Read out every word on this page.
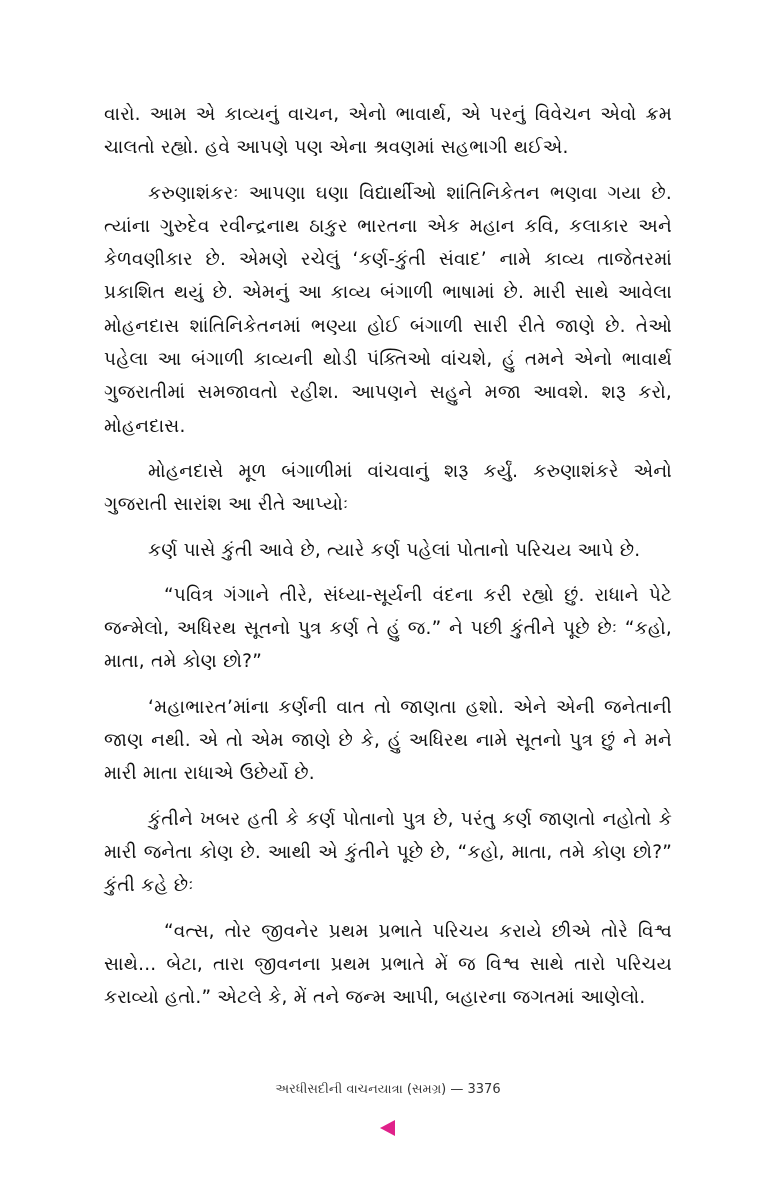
વારો. આમ એ કાવ્યનું વાચન, એનો ભાવાર્થ, એ પરનું વિવેચન એવો ક્રમ ચાલતો રહ્યો. હવે આપણે પણ એના શ્રવણમાં સહભાગી થઈએ.

કરુણાશંકરઃ આપણા ઘણા વિદ્યાર્થીઓ શાંતિનિકેતન ભણવા ગયા છે. ત્યાંના ગુરુદેવ રવીન્દ્રનાથ ઠાકુર ભારતના એક મહાન કવિ, કલાકાર અને કેળવણીકાર છે. એમણે રચેલું ‘કર્ણ-કુંતી સંવાદ’ નામે કાવ્ય તાજેતરમાં પ્રકાશિત થયું છે. એમનું આ કાવ્ય બંગાળી ભાષામાં છે. મારી સાથે આવેલા મોહનદાસ શાંતિનિકેતનમાં ભણ્યા હોઈ બંગાળી સારી રીતે જાણે છે. તેઓ પહેલા આ બંગાળી કાવ્યની થોડી પંક્તિઓ વાંચશે, હું તમને એનો ભાવાર્થ ગુજરાતીમાં સમજાવતો રહીશ. આપણને સહુને મજા આવશે. શરૂ કરો, મોહનદાસ.

મોહનદાસે મૂળ બંગાળીમાં વાંચવાનું શરૂ કર્યું. કરુણાશંકરે એનો ગુજરાતી સારાંશ આ રીતે આપ્યોઃ

કર્ણ પાસે કુંતી આવે છે, ત્યારે કર્ણ પહેલાં પોતાનો પરિચય આપે છે.

“પવિત્ર ગંગાને તીરે, સંધ્યા-સૂર્યની વંદના કરી રહ્યો છું. રાધાને પેટે જન્મેલો, અધિરથ સૂતનો પુત્ર કર્ણ તે હું જ.” ને પછી કુંતીને પૂછે છેઃ “કહો, માતા, તમે કોણ છો?”

‘મહાભારત’માંના કર્ણની વાત તો જાણતા હશો. એને એની જનેતાની જાણ નથી. એ તો એમ જાણે છે કે, હું અધિરથ નામે સૂતનો પુત્ર છું ને મને મારી માતા રાધાએ ઉછેર્યો છે.

કુંતીને ખબર હતી કે કર્ણ પોતાનો પુત્ર છે, પરંતુ કર્ણ જાણતો નહોતો કે મારી જનેતા કોણ છે. આથી એ કુંતીને પૂછે છે, “કહો, માતા, તમે કોણ છો?” કુંતી કહે છેઃ

“વત્સ, તોર જીવનેર પ્રથમ પ્રભાતે પરિચય કરાયે છીએ તોરે વિશ્વ સાથે... બેટા, તારા જીવનના પ્રથમ પ્રભાતે મેં જ વિશ્વ સાથે તારો પરિચય કરાવ્યો હતો.” એટલે કે, મેં તને જન્મ આપી, બહારના જગતમાં આણેલો.

અરધીસદીની વાચનયાત્રા (સમગ્ર) — 3376
